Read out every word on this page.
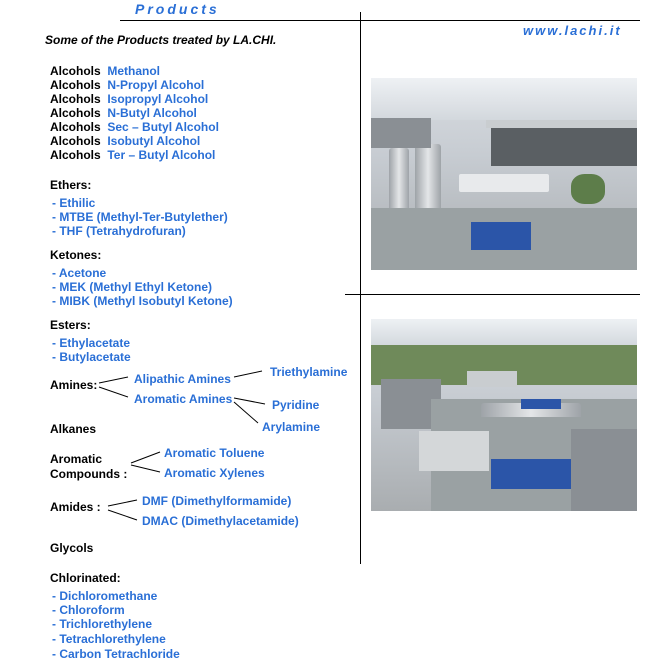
Products
www.lachi.it
Some of the Products treated by LA.CHI.
Alcohols Methanol
Alcohols N-Propyl Alcohol
Alcohols Isopropyl Alcohol
Alcohols N-Butyl Alcohol
Alcohols Sec – Butyl Alcohol
Alcohols Isobutyl Alcohol
Alcohols Ter – Butyl Alcohol
Ethers:
- Ethilic
- MTBE (Methyl-Ter-Butylether)
- THF (Tetrahydrofuran)
Ketones:
- Acetone
- MEK (Methyl Ethyl Ketone)
- MIBK (Methyl Isobutyl Ketone)
Esters:
- Ethylacetate
- Butylacetate
Amines:	Alipathic Amines
Aromatic Amines
Triethylamine
Pyridine
Arylamine
Alkanes
Aromatic
Compounds :
Aromatic Toluene
Aromatic Xylenes
Amides :	DMF (Dimethylformamide)
DMAC (Dimethylacetamide)
Glycols
Chlorinated:
- Dichloromethane
- Chloroform
- Trichlorethylene
- Tetrachlorethylene
- Carbon Tetrachloride
